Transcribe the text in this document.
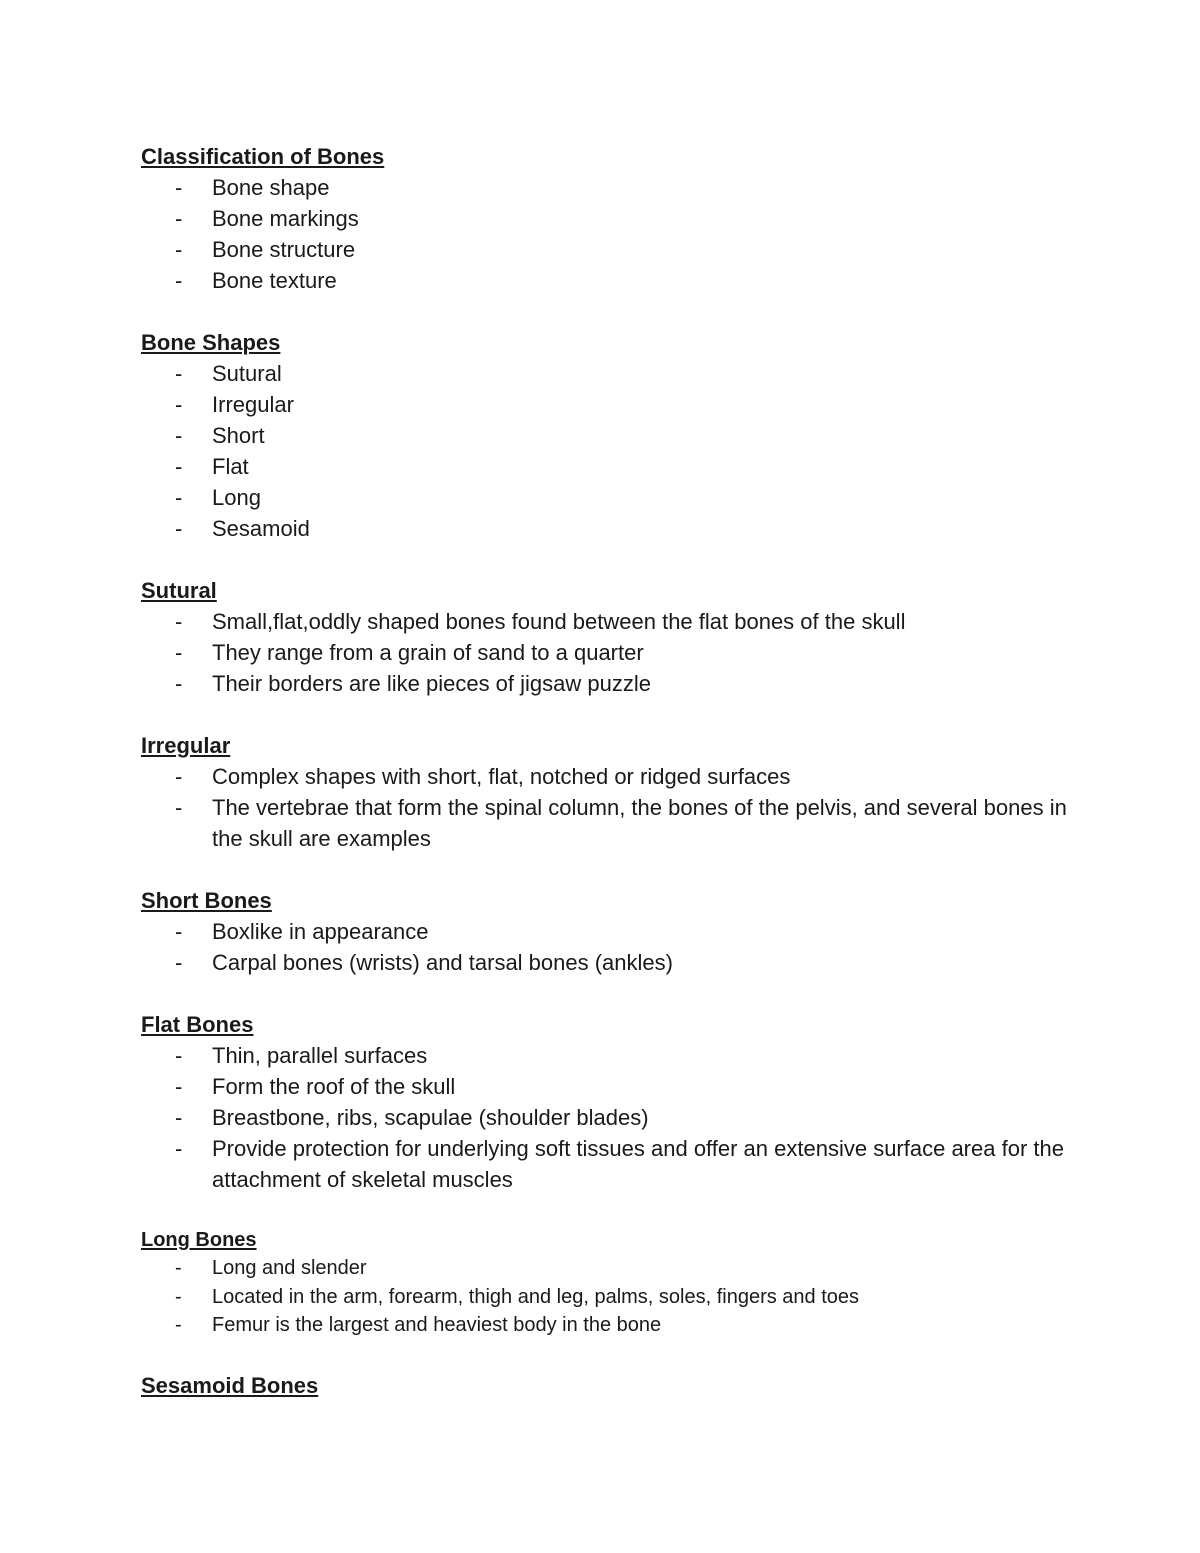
Classification of Bones
- Bone shape
- Bone markings
- Bone structure
- Bone texture
Bone Shapes
- Sutural
- Irregular
- Short
- Flat
- Long
- Sesamoid
Sutural
- Small,flat,oddly shaped bones found between the flat bones of the skull
- They range from a grain of sand to a quarter
- Their borders are like pieces of jigsaw puzzle
Irregular
- Complex shapes with short, flat, notched or ridged surfaces
- The vertebrae that form the spinal column, the bones of the pelvis, and several bones in the skull are examples
Short Bones
- Boxlike in appearance
- Carpal bones (wrists) and tarsal bones (ankles)
Flat Bones
- Thin, parallel surfaces
- Form the roof of the skull
- Breastbone, ribs, scapulae (shoulder blades)
- Provide protection for underlying soft tissues and offer an extensive surface area for the attachment of skeletal muscles
Long Bones
- Long and slender
- Located in the arm, forearm, thigh and leg, palms, soles, fingers and toes
- Femur is the largest and heaviest body in the bone
Sesamoid Bones
